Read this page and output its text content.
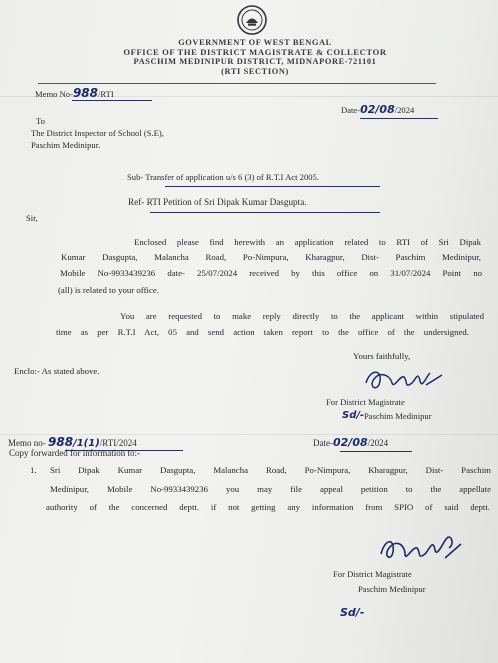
GOVERNMENT OF WEST BENGAL
OFFICE OF THE DISTRICT MAGISTRATE & COLLECTOR
PASCHIM MEDINIPUR DISTRICT, MIDNAPORE-721101
(RTI SECTION)
Memo No-988/RTI
Date-02/08/2024
To
The District Inspector of School (S.E),
Paschim Medinipur.
Sub- Transfer of application u/s 6 (3) of R.T.I Act 2005.
Ref- RTI Petition of Sri Dipak Kumar Dasgupta.
Sir,
Enclosed please find herewith an application related to RTI of Sri Dipak
Kumar Dasgupta, Malancha Road, Po-Nimpura, Kharagpur, Dist- Paschim Medinipur,
Mobile No-9933439236 date- 25/07/2024 received by this office on 31/07/2024 Point no
(all) is related to your office.
You are requested to make reply directly to the applicant within stipulated
time as per R.T.I Act, 05 and send action taken report to the office of the undersigned.
Yours faithfully,
Enclo:- As stated above.
For District Magistrate
Sd/- Paschim Medinipur
Memo no- 988/1(1)/RTI/2024	Date-02/08/2024
Copy forwarded for information to:-
1. Sri Dipak Kumar Dasgupta, Malancha Road, Po-Nimpura, Kharagpur, Dist- Paschim
Medinipur, Mobile No-9933439236 you may file appeal petition to the appellate
authority of the concerned deptt. if not getting any information from SPIO of said deptt.
For District Magistrate
Paschim Medinipur
Sd/-
